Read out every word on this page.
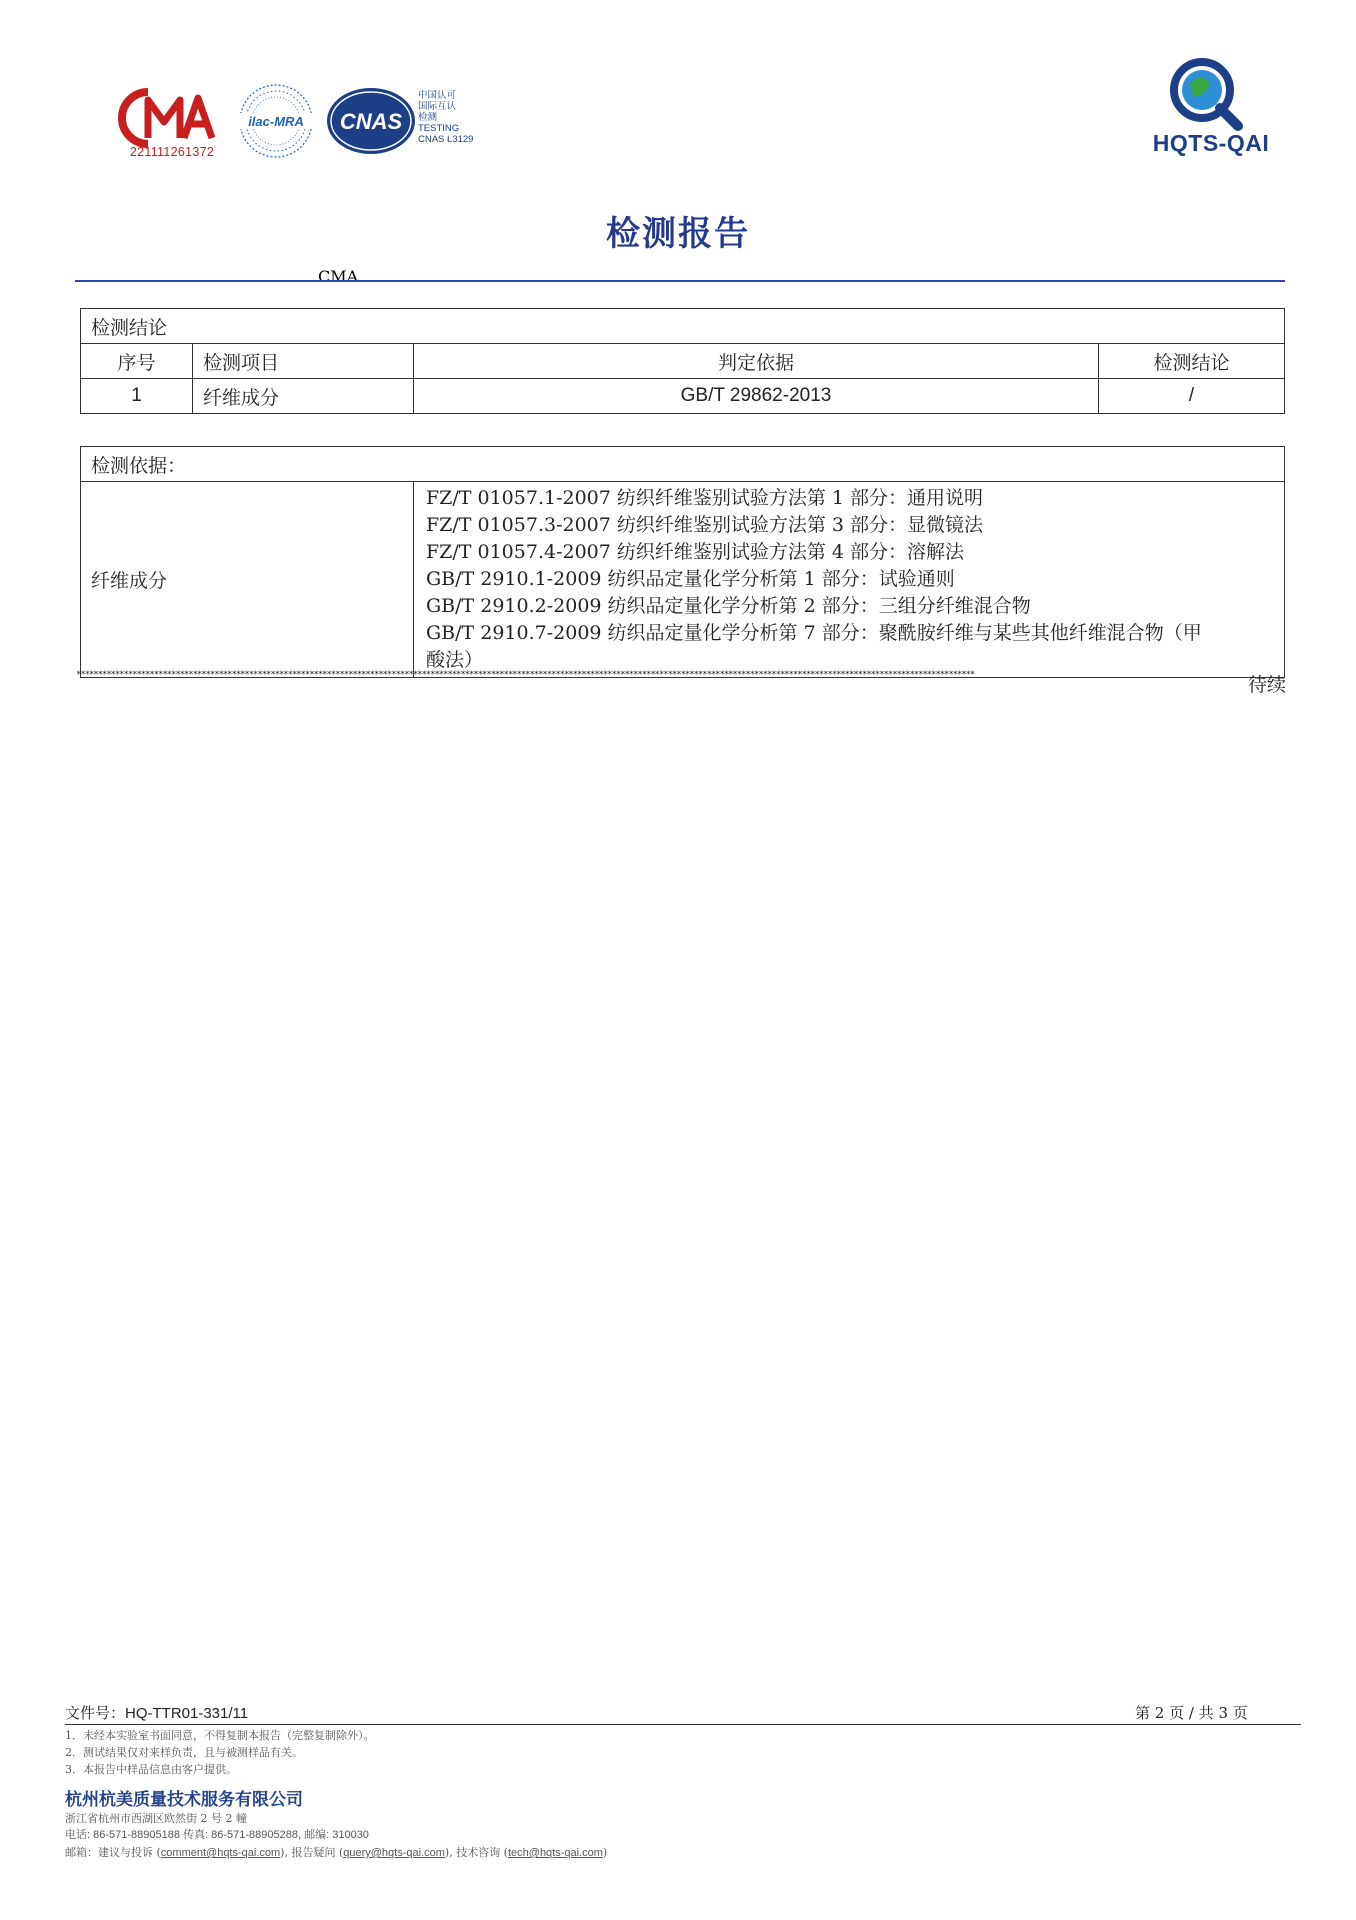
CMA
221111261372
ilac-MRA CNAS
中国认可
国际互认
检测
TESTING
CNAS L3129	HQTS-QAI
检测报告
检测结论			
序号	检测项目	判定依据	检测结论
1	纤维成分	GB/T 29862-2013	/
检测依据：
纤维成分	
FZ/T 01057.1-2007 纺织纤维鉴别试验方法第 1 部分：通用说明
FZ/T 01057.3-2007 纺织纤维鉴别试验方法第 3 部分：显微镜法
FZ/T 01057.4-2007 纺织纤维鉴别试验方法第 4 部分：溶解法
GB/T 2910.1-2009 纺织品定量化学分析第 1 部分：试验通则
GB/T 2910.2-2009 纺织品定量化学分析第 2 部分：三组分纤维混合物
GB/T 2910.7-2009 纺织品定量化学分析第 7 部分：聚酰胺纤维与某些其他纤维混合物（甲
酸法）
****************************************************************************************************************************************************************************************************************	待续
文件号：HQ-TTR01-331/11	第 2 页 / 共 3 页
1．未经本实验室书面同意，不得复制本报告（完整复制除外）。
2．测试结果仅对来样负责，且与被测样品有关。
3．本报告中样品信息由客户提供。
杭州杭美质量技术服务有限公司
浙江省杭州市西湖区欧然街 2 号 2 幢
电话: 86-571-88905188 传真: 86-571-88905288, 邮编: 310030
邮箱：建议与投诉 (comment@hqts-qai.com), 报告疑问 (query@hqts-qai.com), 技术咨询 (tech@hqts-qai.com)
